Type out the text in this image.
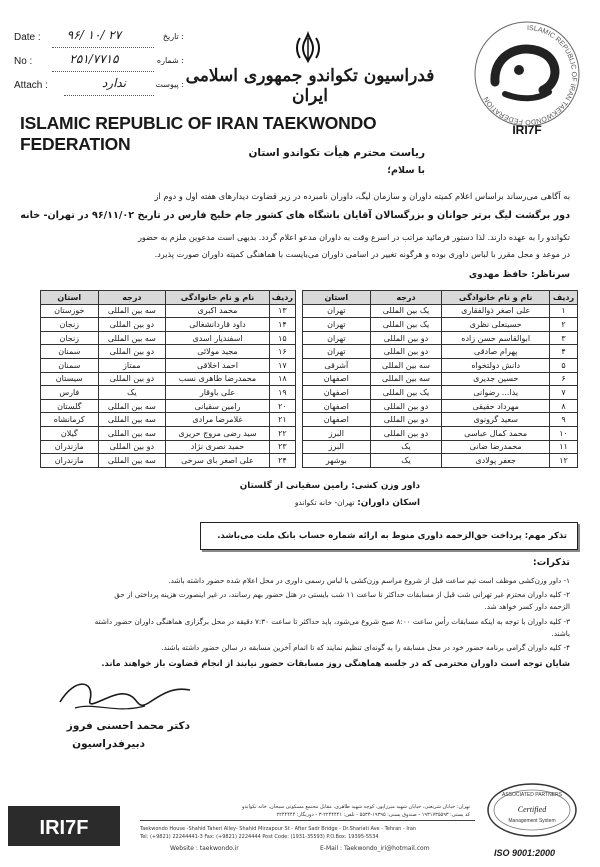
Date :	۹۶/ ۱۰/ ۲۷	تاریخ :
No :	۲۵۱/۷۷۱۵	شماره :
Attach :	ندارد	پیوست : فدراسیون تکواندو جمهوری اسلامی ایران
ISLAMIC REPUBLIC OF IRAN TAEKWONDO FEDERATION
ISLAMIC REPUBLIC OF IRAN TAEKWONDO FEDERATION
IRI7F
ریاست محترم هیأت تکواندو استان
با سلام؛
به آگاهی می‌رساند براساس اعلام کمیته داوران و سازمان لیگ، داوران نامبرده در زیر قضاوت دیدارهای هفته اول و دوم از
دور برگشت لیگ برتر جوانان و بزرگسالان آقایان باشگاه های کشور جام خلیج فارس در تاریخ ۹۶/۱۱/۰۲ در تهران- خانه
تکواندو را به عهده دارند. لذا دستور فرمائید مراتب در اسرع وقت به داوران مدعو اعلام گردد. بدیهی است مدعوین ملزم به حضور
در موعد و محل مقرر با لباس داوری بوده و هرگونه تغییر در اسامی داوران می‌بایست با هماهنگی کمیته داوران صورت پذیرد.
سرناظر: حافظ مهدوی
ردیف	نام و نام خانوادگی	درجه	استان
۱	علی اصغر ذوالفقاری	یک بین المللی	تهران
۲	حسینعلی نظری	یک بین المللی	تهران
۳	ابوالقاسم حسن زاده	دو بین المللی	تهران
۴	پهرام صادقی	دو بین المللی	تهران
۵	دانش دولتخواه	سه بین المللی	آشرقی
۶	حسین جدیری	سه بین المللی	اصفهان
۷	یدا... رضوانی	یک بین المللی	اصفهان
۸	مهرداد حقیقی	دو بین المللی	اصفهان
۹	سعید گرونوی	دو بین المللی	اصفهان
۱۰	محمد کمال عباسی	دو بین المللی	البرز
۱۱	محمدرضا ضانی	یک	البرز
۱۲	جعفر پولادی	یک	بوشهر
ردیف	نام و نام خانوادگی	درجه	استان
۱۳	محمد اکبری	سه بین المللی	خوزستان
۱۴	داود قاردانشغالی	دو بین المللی	زنجان
۱۵	اسفندیار اسدی	سه بین المللی	زنجان
۱۶	مجید مولائی	دو بین المللی	سمنان
۱۷	احمد اخلاقی	ممتاز	سمنان
۱۸	محمدرضا طاهری نسب	دو بین المللی	سیستان
۱۹	علی باوقار	یک	فارس
۲۰	رامین سقیانی	سه بین المللی	گلستان
۲۱	غلامرضا مرادی	سه بین المللی	کرمانشاه
۲۲	سید رضی مروج حریری	سه بین المللی	گیلان
۲۳	حمید نصری نژاد	دو بین المللی	مازندران
۲۴	علی اصغر بای سرخی	سه بین المللی	مازندران
داور وزن کشی: رامین سقیانی از گلستان
اسکان داوران: تهران- خانه تکواندو
تذکر مهم: پرداخت حق‌الزحمه داوری منوط به ارائه شماره حساب بانک ملت می‌باشد.
تذکرات:
۱- داور وزن‌کشی موظف است تیم ساعت قبل از شروع مراسم وزن‌کشی با لباس رسمی داوری در محل اعلام شده حضور داشته باشد.
۲- کلیه داوران محترم غیر تهرانی شب قبل از مسابقات حداکثر تا ساعت ۱۱ شب بایستی در هتل حضور بهم رسانند، در غیر اینصورت هزینه پرداختی از حق
الزحمه داور کسر خواهد شد.
۳- کلیه داوران با توجه به اینکه مسابقات رأس ساعت ۸:۰۰ صبح شروع می‌شود، باید حداکثر تا ساعت ۷:۳۰ دقیقه در محل برگزاری هماهنگی داوران حضور داشته
باشند.
۴- کلیه داوران گرامی برنامه حضور خود در محل مسابقه را به گونه‌ای تنظیم نمایند که تا اتمام آخرین مسابقه در سالن حضور داشته باشند.
شایان توجه است داوران محترمی که در جلسه هماهنگی روز مسابقات حضور نیابند از انجام قضاوت باز خواهند ماند.
دکتر محمد احسنی فروز
دبیرفدراسیون
IRI7F
تهران: خیابان شریعتی، خیابان شهید میرزاپور، کوچه شهید طاهری، مقابل مجتمع مسکونی سبحان، خانه تکواندو
کد پستی: ۱۹۳۱۷۳۵۵۹۳ - صندوق پستی: ۱۹۳۹۵-۵۵۳۴ - تلفن: ۲۲۴۴۴۴۱-۳ - دورنگار: ۲۲۴۴۴۴۴
Taekwondo House -Shahid Taheri Alley- Shahid Mirzapour St - After Sadr Bridge - Dr.Shariati Ave - Tehran - Iran
Tel: (+9821) 22244441-3 Fax: (+9821) 2224444 Post Code: (1931-35593) P.O.Box: 19395-5534
Website : taekwondo.ir	E-Mail : Taekwondo_iri@hotmail.com
ASSOCIATED PARTNERS
Certified
Management System
ISO 9001:2000
